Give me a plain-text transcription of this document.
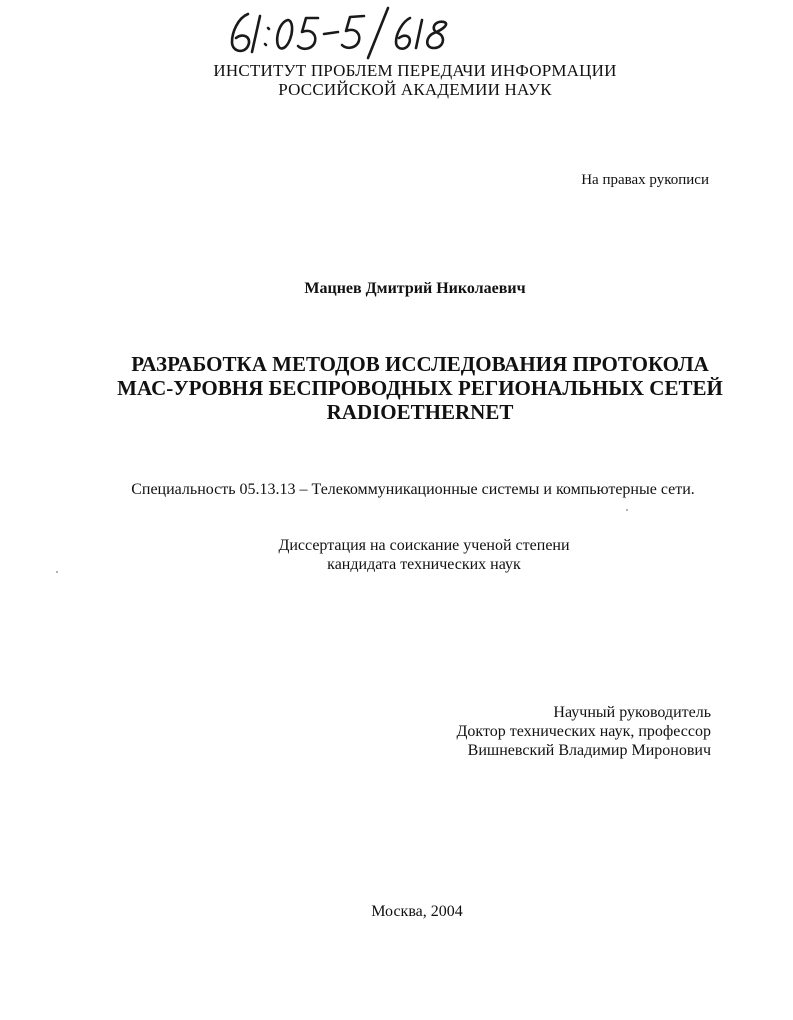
ИНСТИТУТ ПРОБЛЕМ ПЕРЕДАЧИ ИНФОРМАЦИИ
РОССИЙСКОЙ АКАДЕМИИ НАУК
На правах рукописи
Мацнев Дмитрий Николаевич
РАЗРАБОТКА МЕТОДОВ ИССЛЕДОВАНИЯ ПРОТОКОЛА
МАС-УРОВНЯ БЕСПРОВОДНЫХ РЕГИОНАЛЬНЫХ СЕТЕЙ
RADIOETHERNET
Специальность 05.13.13 – Телекоммуникационные системы и компьютерные сети.
Диссертация на соискание ученой степени
кандидата технических наук
Научный руководитель
Доктор технических наук, профессор
Вишневский Владимир Миронович
Москва, 2004
